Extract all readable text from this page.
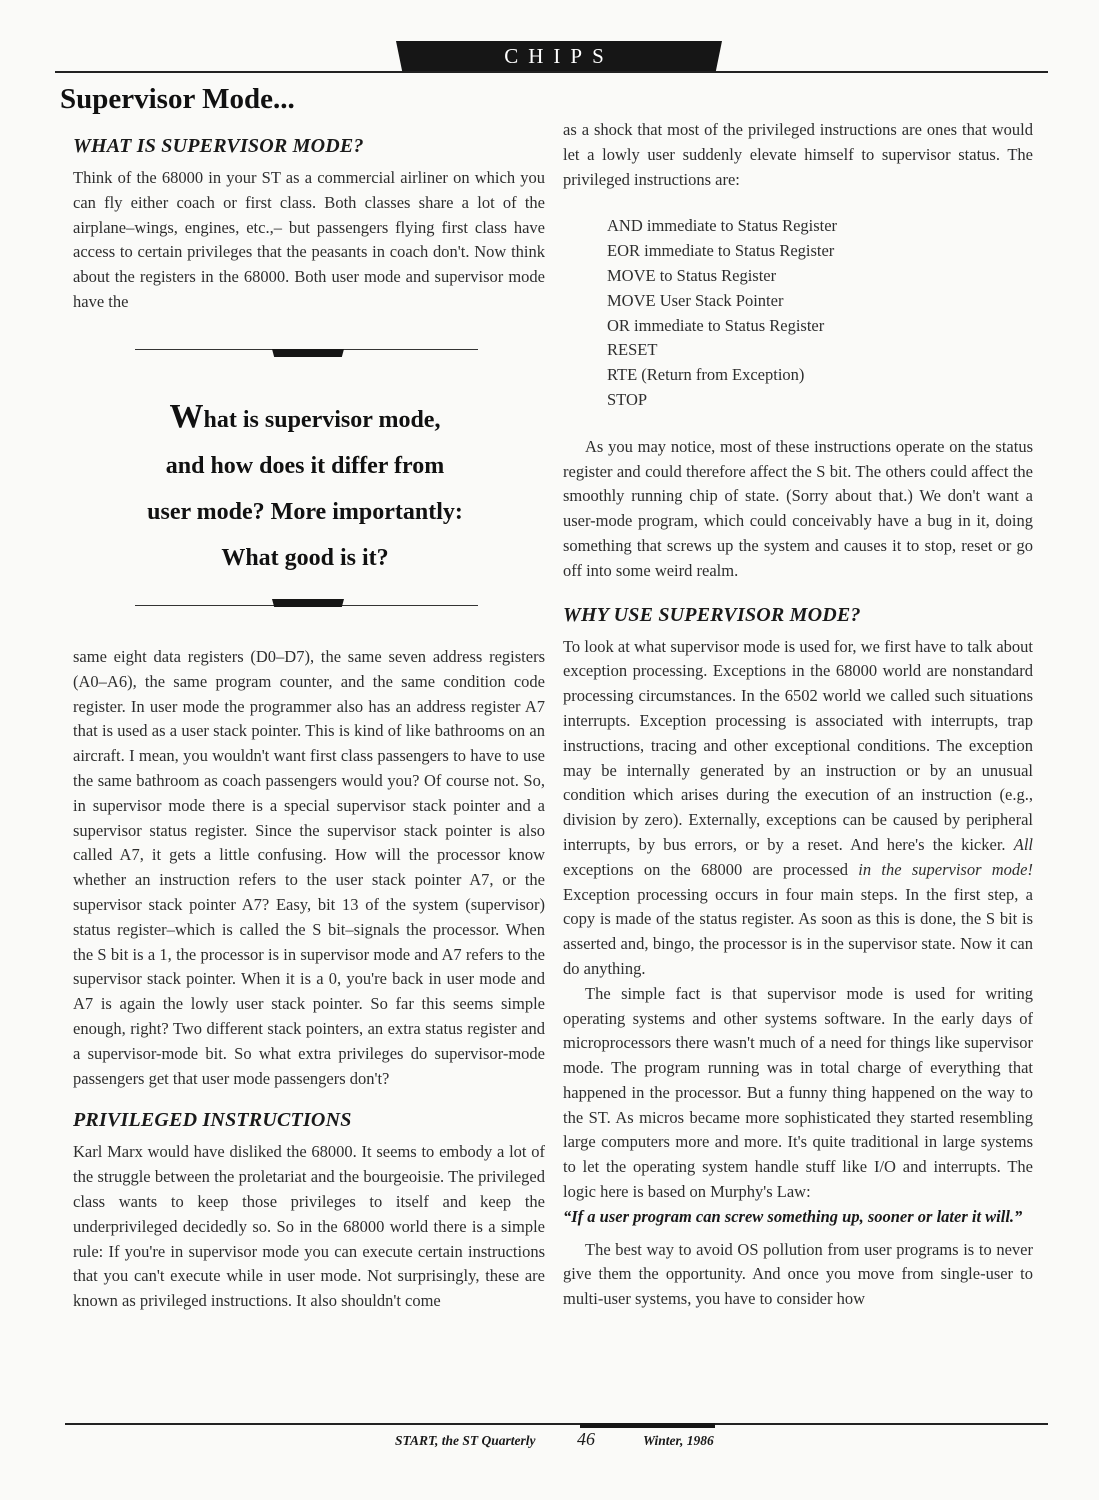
CHIPS
Supervisor Mode...
WHAT IS SUPERVISOR MODE?

Think of the 68000 in your ST as a commercial airliner on which you can fly either coach or first class. Both classes share a lot of the airplane–wings, engines, etc.,– but passengers flying first class have access to certain privileges that the peasants in coach don't. Now think about the registers in the 68000. Both user mode and supervisor mode have the

What is supervisor mode,
and how does it differ from
user mode? More importantly:
What good is it?

same eight data registers (D0–D7), the same seven address registers (A0–A6), the same program counter, and the same condition code register. In user mode the programmer also has an address register A7 that is used as a user stack pointer. This is kind of like bathrooms on an aircraft. I mean, you wouldn't want first class passengers to have to use the same bathroom as coach passengers would you? Of course not. So, in supervisor mode there is a special supervisor stack pointer and a supervisor status register. Since the supervisor stack pointer is also called A7, it gets a little confusing. How will the processor know whether an instruction refers to the user stack pointer A7, or the supervisor stack pointer A7? Easy, bit 13 of the system (supervisor) status register–which is called the S bit–signals the processor. When the S bit is a 1, the processor is in supervisor mode and A7 refers to the supervisor stack pointer. When it is a 0, you're back in user mode and A7 is again the lowly user stack pointer. So far this seems simple enough, right? Two different stack pointers, an extra status register and a supervisor-mode bit. So what extra privileges do supervisor-mode passengers get that user mode passengers don't?

PRIVILEGED INSTRUCTIONS

Karl Marx would have disliked the 68000. It seems to embody a lot of the struggle between the proletariat and the bourgeoisie. The privileged class wants to keep those privileges to itself and keep the underprivileged decidedly so. So in the 68000 world there is a simple rule: If you're in supervisor mode you can execute certain instructions that you can't execute while in user mode. Not surprisingly, these are known as privileged instructions. It also shouldn't come

as a shock that most of the privileged instructions are ones that would let a lowly user suddenly elevate himself to supervisor status. The privileged instructions are:

AND immediate to Status Register
EOR immediate to Status Register
MOVE to Status Register
MOVE User Stack Pointer
OR immediate to Status Register
RESET
RTE (Return from Exception)
STOP

As you may notice, most of these instructions operate on the status register and could therefore affect the S bit. The others could affect the smoothly running chip of state. (Sorry about that.) We don't want a user-mode program, which could conceivably have a bug in it, doing something that screws up the system and causes it to stop, reset or go off into some weird realm.

WHY USE SUPERVISOR MODE?

To look at what supervisor mode is used for, we first have to talk about exception processing. Exceptions in the 68000 world are nonstandard processing circumstances. In the 6502 world we called such situations interrupts. Exception processing is associated with interrupts, trap instructions, tracing and other exceptional conditions. The exception may be internally generated by an instruction or by an unusual condition which arises during the execution of an instruction (e.g., division by zero). Externally, exceptions can be caused by peripheral interrupts, by bus errors, or by a reset. And here's the kicker. All exceptions on the 68000 are processed in the supervisor mode! Exception processing occurs in four main steps. In the first step, a copy is made of the status register. As soon as this is done, the S bit is asserted and, bingo, the processor is in the supervisor state. Now it can do anything.

The simple fact is that supervisor mode is used for writing operating systems and other systems software. In the early days of microprocessors there wasn't much of a need for things like supervisor mode. The program running was in total charge of everything that happened in the processor. But a funny thing happened on the way to the ST. As micros became more sophisticated they started resembling large computers more and more. It's quite traditional in large systems to let the operating system handle stuff like I/O and interrupts. The logic here is based on Murphy's Law:

“If a user program can screw something up, sooner or later it will.”

The best way to avoid OS pollution from user programs is to never give them the opportunity. And once you move from single-user to multi-user systems, you have to consider how

START, the ST Quarterly 46	Winter, 1986
